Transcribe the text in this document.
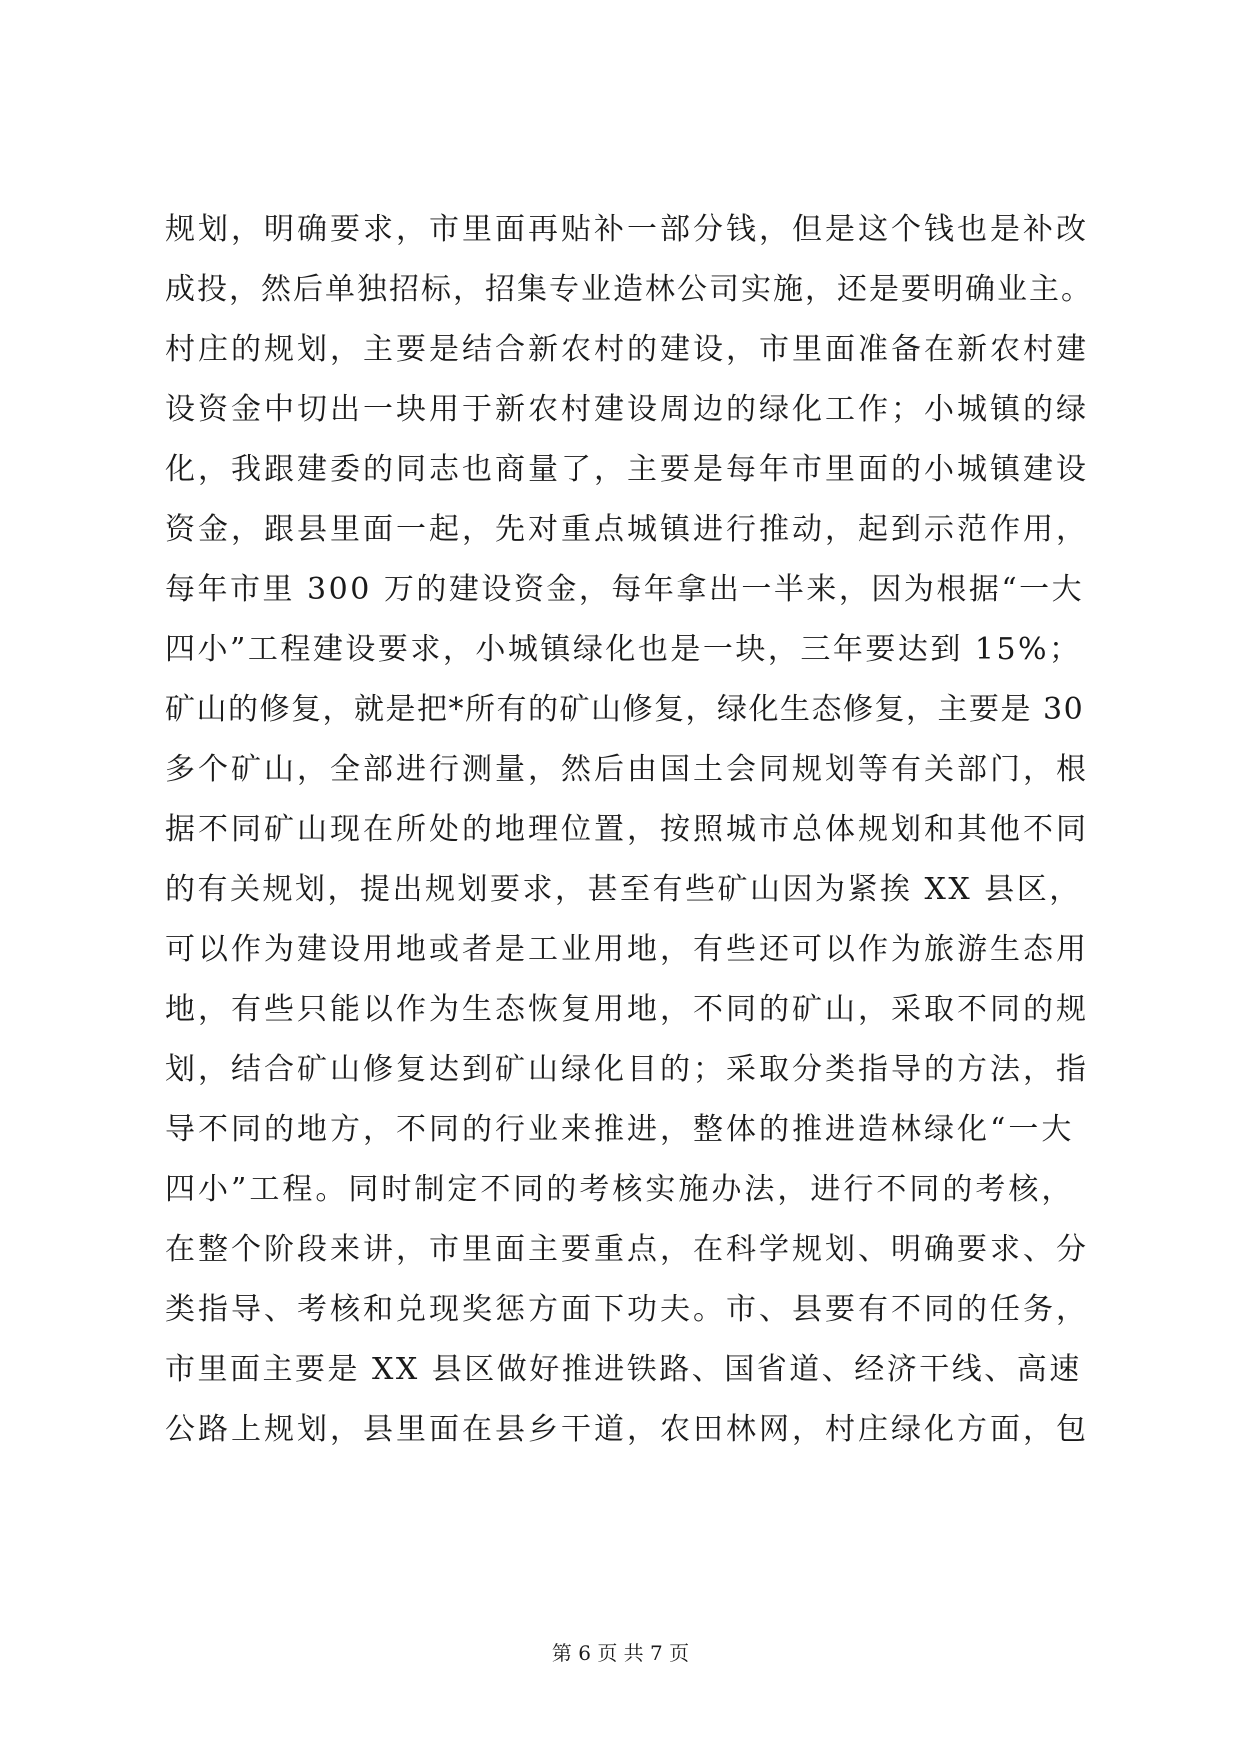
规划，明确要求，市里面再贴补一部分钱，但是这个钱也是补改
成投，然后单独招标，招集专业造林公司实施，还是要明确业主。
村庄的规划，主要是结合新农村的建设，市里面准备在新农村建
设资金中切出一块用于新农村建设周边的绿化工作；小城镇的绿
化，我跟建委的同志也商量了，主要是每年市里面的小城镇建设
资金，跟县里面一起，先对重点城镇进行推动，起到示范作用，
每年市里 300 万的建设资金，每年拿出一半来，因为根据“一大
四小”工程建设要求，小城镇绿化也是一块，三年要达到 15%；
矿山的修复，就是把*所有的矿山修复，绿化生态修复，主要是 30
多个矿山，全部进行测量，然后由国土会同规划等有关部门，根
据不同矿山现在所处的地理位置，按照城市总体规划和其他不同
的有关规划，提出规划要求，甚至有些矿山因为紧挨 XX 县区，
可以作为建设用地或者是工业用地，有些还可以作为旅游生态用
地，有些只能以作为生态恢复用地，不同的矿山，采取不同的规
划，结合矿山修复达到矿山绿化目的；采取分类指导的方法，指
导不同的地方，不同的行业来推进，整体的推进造林绿化“一大
四小”工程。同时制定不同的考核实施办法，进行不同的考核，
在整个阶段来讲，市里面主要重点，在科学规划、明确要求、分
类指导、考核和兑现奖惩方面下功夫。市、县要有不同的任务，
市里面主要是 XX 县区做好推进铁路、国省道、经济干线、高速
公路上规划，县里面在县乡干道，农田林网，村庄绿化方面，包
第 6 页 共 7 页
